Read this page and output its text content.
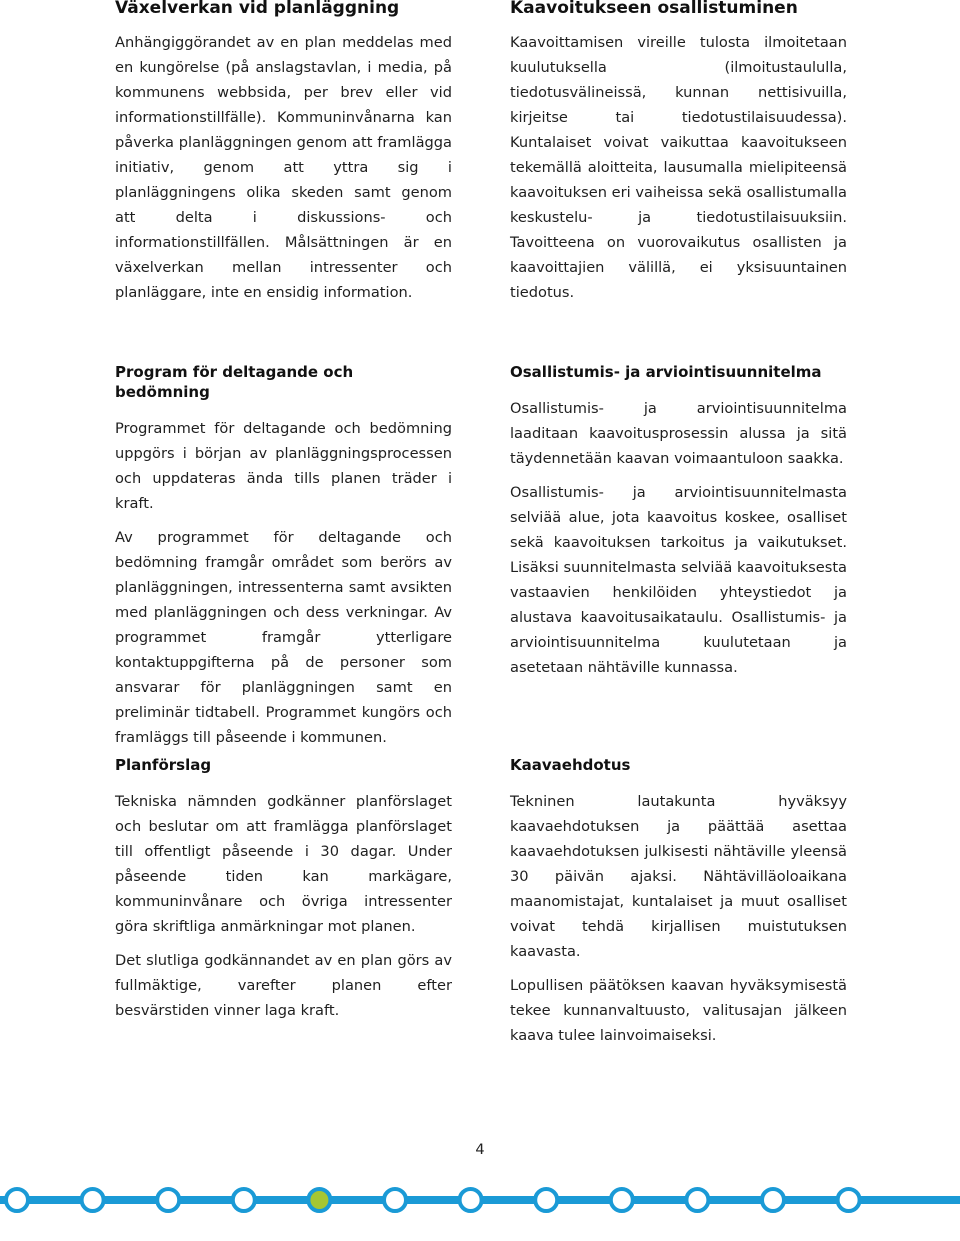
Växelverkan vid planläggning

Anhängiggörandet av en plan meddelas med en kungörelse (på anslagstavlan, i media, på kommunens webbsida, per brev eller vid informationstillfälle). Kommuninvånarna kan påverka planläggningen genom att framlägga initiativ, genom att yttra sig i planläggningens olika skeden samt genom att delta i diskussions- och informationstillfällen. Målsättningen är en växelverkan mellan intressenter och planläggare, inte en ensidig information.

Kaavoitukseen osallistuminen

Kaavoittamisen vireille tulosta ilmoitetaan kuulutuksella (ilmoitustaululla, tiedotusvälineissä, kunnan nettisivuilla, kirjeitse tai tiedotustilaisuudessa). Kuntalaiset voivat vaikuttaa kaavoitukseen tekemällä aloitteita, lausumalla mielipiteensä kaavoituksen eri vaiheissa sekä osallistumalla keskustelu- ja tiedotustilaisuuksiin. Tavoitteena on vuorovaikutus osallisten ja kaavoittajien välillä, ei yksisuuntainen tiedotus.

Program för deltagande och bedömning

Programmet för deltagande och bedömning uppgörs i början av planläggningsprocessen och uppdateras ända tills planen träder i kraft.

Av programmet för deltagande och bedömning framgår området som berörs av planläggningen, intressenterna samt avsikten med planläggningen och dess verkningar. Av programmet framgår ytterligare kontaktuppgifterna på de personer som ansvarar för planläggningen samt en preliminär tidtabell. Programmet kungörs och framläggs till påseende i kommunen.

Osallistumis- ja arviointisuunnitelma

Osallistumis- ja arviointisuunnitelma laaditaan kaavoitusprosessin alussa ja sitä täydennetään kaavan voimaantuloon saakka.

Osallistumis- ja arviointisuunnitelmasta selviää alue, jota kaavoitus koskee, osalliset sekä kaavoituksen tarkoitus ja vaikutukset. Lisäksi suunnitelmasta selviää kaavoituksesta vastaavien henkilöiden yhteystiedot ja alustava kaavoitusaikataulu. Osallistumis- ja arviointisuunnitelma kuulutetaan ja asetetaan nähtäville kunnassa.

Planförslag

Tekniska nämnden godkänner planförslaget och beslutar om att framlägga planförslaget till offentligt påseende i 30 dagar. Under påseende tiden kan markägare, kommuninvånare och övriga intressenter göra skriftliga anmärkningar mot planen.

Det slutliga godkännandet av en plan görs av fullmäktige, varefter planen efter besvärstiden vinner laga kraft.

Kaavaehdotus

Tekninen lautakunta hyväksyy kaavaehdotuksen ja päättää asettaa kaavaehdotuksen julkisesti nähtäville yleensä 30 päivän ajaksi. Nähtävilläoloaikana maanomistajat, kuntalaiset ja muut osalliset voivat tehdä kirjallisen muistutuksen kaavasta.

Lopullisen päätöksen kaavan hyväksymisestä tekee kunnanvaltuusto, valitusajan jälkeen kaava tulee lainvoimaiseksi.

4
